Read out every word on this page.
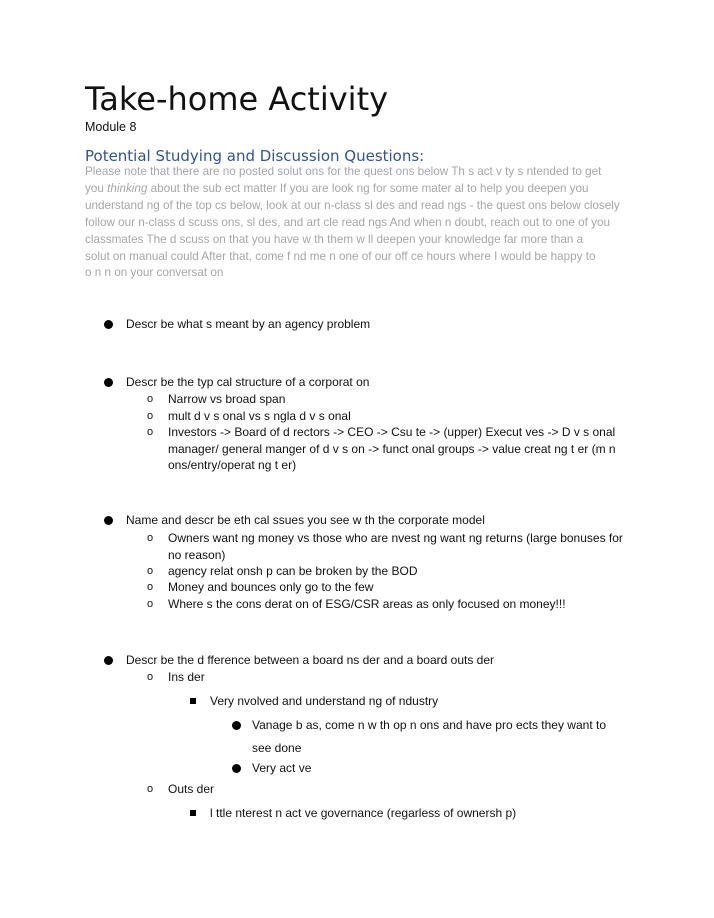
Take-home Activity
Module 8
Potential Studying and Discussion Questions:

Please note that there are no posted solut ons for the quest ons below Th s act v ty s ntended to get

you thinking about the sub ect matter If you are look ng for some mater al to help you deepen you

understand ng of the top cs below, look at our n-class sl des and read ngs - the quest ons below closely

follow our n-class d scuss ons, sl des, and art cle read ngs And when n doubt, reach out to one of you

classmates The d scuss on that you have w th them w ll deepen your knowledge far more than a

solut on manual could After that, come f nd me n one of our off ce hours where I would be happy to

o n n on your conversat on

Descr be what s meant by an agency problem
Descr be the typ cal structure of a corporat on
o Narrow vs broad span
o mult d v s onal vs s ngla d v s onal
o Investors -> Board of d rectors -> CEO -> Csu te -> (upper) Execut ves -> D v s onal manager/ general manger of d v s on -> funct onal groups -> value creat ng t er (m n ons/entry/operat ng t er)
Name and descr be eth cal ssues you see w th the corporate model
o Owners want ng money vs those who are nvest ng want ng returns (large bonuses for no reason)
o agency relat onsh p can be broken by the BOD
o Money and bounces only go to the few
o Where s the cons derat on of ESG/CSR areas as only focused on money!!!
Descr be the d fference between a board ns der and a board outs der
o Ins der
Very nvolved and understand ng of ndustry
Vanage b as, come n w th op n ons and have pro ects they want to see done
Very act ve
o Outs der
l ttle nterest n act ve governance (regarless of ownersh p)
